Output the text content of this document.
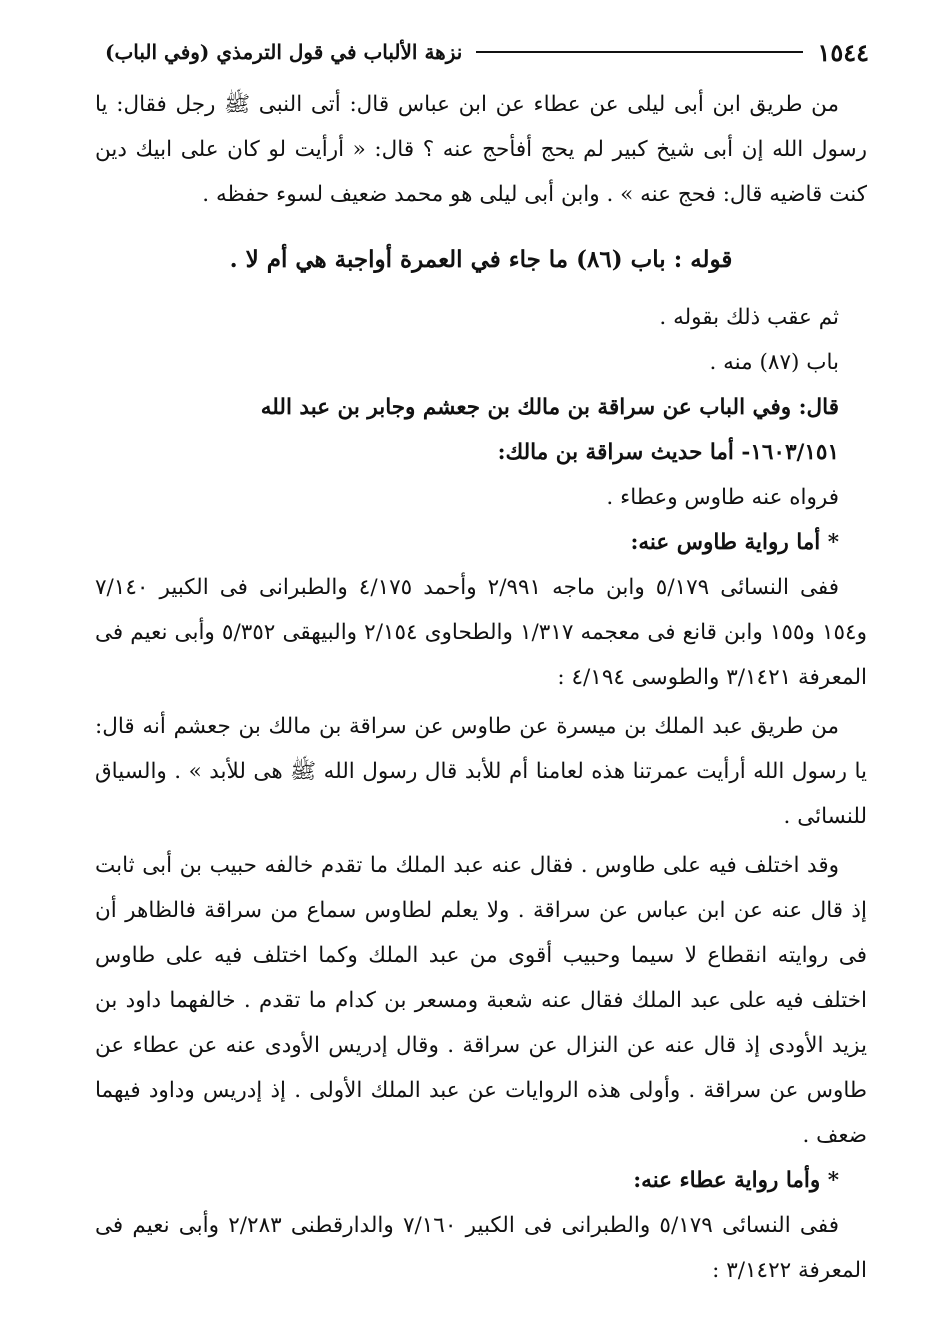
١٥٤٤
نزهة الألباب في قول الترمذي (وفي الباب)

من طريق ابن أبى ليلى عن عطاء عن ابن عباس قال: أتى النبى ﷺ رجل فقال: يا رسول الله إن أبى شيخ كبير لم يحج أفأحج عنه ؟ قال: « أرأيت لو كان على ابيك دين كنت قاضيه قال: فحج عنه » . وابن أبى ليلى هو محمد ضعيف لسوء حفظه .

قوله : باب (٨٦) ما جاء في العمرة أواجبة هي أم لا .

ثم عقب ذلك بقوله .

باب (٨٧) منه .

قال: وفي الباب عن سراقة بن مالك بن جعشم وجابر بن عبد الله

١٦٠٣/١٥١- أما حديث سراقة بن مالك:

فرواه عنه طاوس وعطاء .

* أما رواية طاوس عنه:

ففى النسائى ٥/١٧٩ وابن ماجه ٢/٩٩١ وأحمد ٤/١٧٥ والطبرانى فى الكبير ٧/١٤٠ و١٥٤ و١٥٥ وابن قانع فى معجمه ١/٣١٧ والطحاوى ٢/١٥٤ والبيهقى ٥/٣٥٢ وأبى نعيم فى المعرفة ٣/١٤٢١ والطوسى ٤/١٩٤ :

من طريق عبد الملك بن ميسرة عن طاوس عن سراقة بن مالك بن جعشم أنه قال: يا رسول الله أرأيت عمرتنا هذه لعامنا أم للأبد قال رسول الله ﷺ هى للأبد » . والسياق للنسائى .

وقد اختلف فيه على طاوس . فقال عنه عبد الملك ما تقدم خالفه حبيب بن أبى ثابت إذ قال عنه عن ابن عباس عن سراقة . ولا يعلم لطاوس سماع من سراقة فالظاهر أن فى روايته انقطاع لا سيما وحبيب أقوى من عبد الملك وكما اختلف فيه على طاوس اختلف فيه على عبد الملك فقال عنه شعبة ومسعر بن كدام ما تقدم . خالفهما داود بن يزيد الأودى إذ قال عنه عن النزال عن سراقة . وقال إدريس الأودى عنه عن عطاء عن طاوس عن سراقة . وأولى هذه الروايات عن عبد الملك الأولى . إذ إدريس وداود فيهما ضعف .

* وأما رواية عطاء عنه:

ففى النسائى ٥/١٧٩ والطبرانى فى الكبير ٧/١٦٠ والدارقطنى ٢/٢٨٣ وأبى نعيم فى المعرفة ٣/١٤٢٢ :
